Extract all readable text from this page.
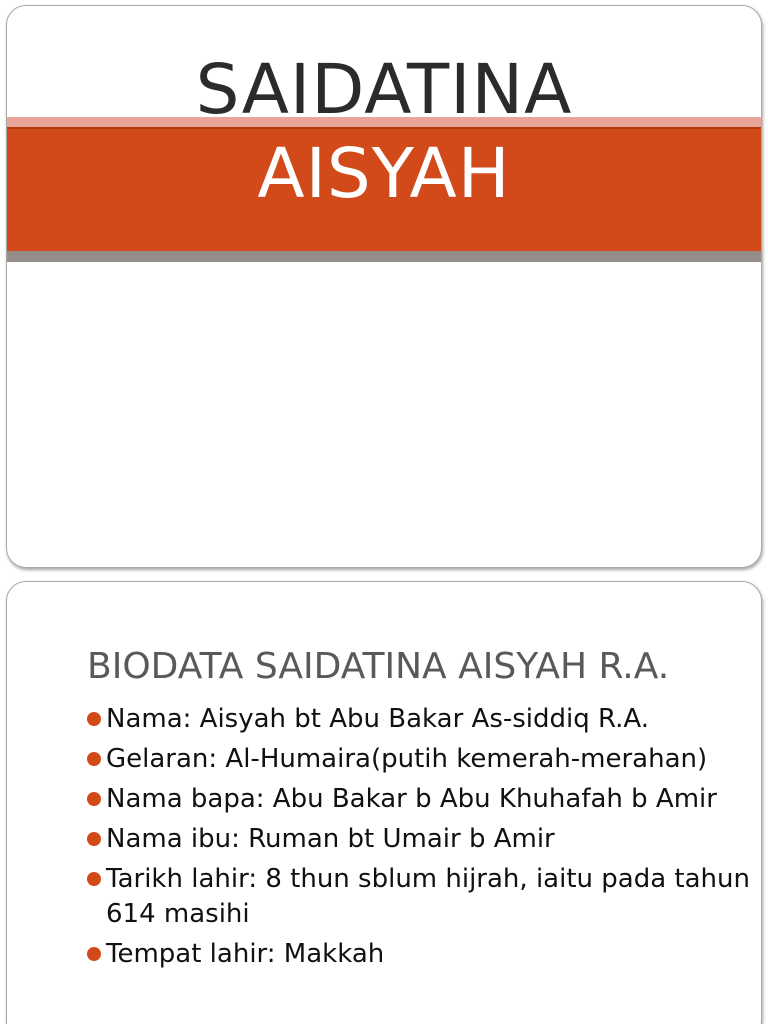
SAIDATINA
AISYAH
BIODATA SAIDATINA AISYAH R.A.
Nama: Aisyah bt Abu Bakar As-siddiq R.A.
Gelaran: Al-Humaira(putih kemerah-merahan)
Nama bapa: Abu Bakar b Abu Khuhafah b Amir
Nama ibu: Ruman bt Umair b Amir
Tarikh lahir: 8 thun sblum hijrah, iaitu pada tahun 614 masihi
Tempat lahir: Makkah
